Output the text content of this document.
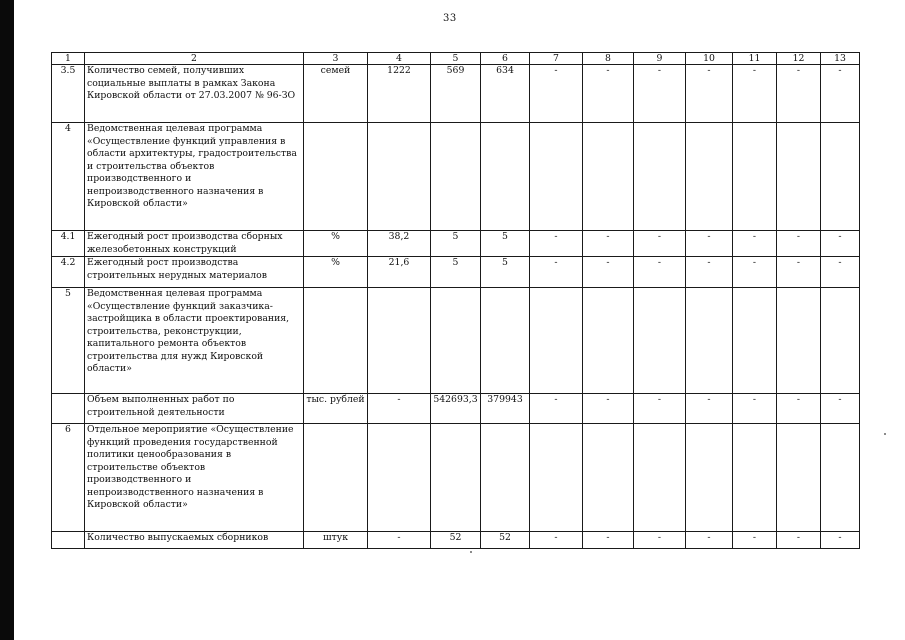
33
1	2	3	4	5	6	7	8	9	10	11	12	13
3.5	Количество семей, получивших социальные выплаты в рамках Закона Кировской области от 27.03.2007 № 96-ЗО	семей	1222	569	634	-	-	-	-	-	-	-
4	Ведомственная целевая программа «Осуществление функций управления в области архитектуры, градостроительства и строительства объектов производственного и непроизводственного назначения в Кировской области»											
4.1	Ежегодный рост производства сборных железобетонных конструкций	%	38,2	5	5	-	-	-	-	-	-	-
4.2	Ежегодный рост производства строительных нерудных материалов	%	21,6	5	5	-	-	-	-	-	-	-
5	Ведомственная целевая программа «Осуществление функций заказчика-застройщика в области проектирования, строительства, реконструкции, капитального ремонта объектов строительства для нужд Кировской области»											
	Объем выполненных работ по строительной деятельности	тыс. рублей	-	542693,3	379943	-	-	-	-	-	-	-
6	Отдельное мероприятие «Осуществление функций проведения государственной политики ценообразования в строительстве объектов производственного и непроизводственного назначения в Кировской области»											
	Количество выпускаемых сборников	штук	-	52	52	-	-	-	-	-	-	-
